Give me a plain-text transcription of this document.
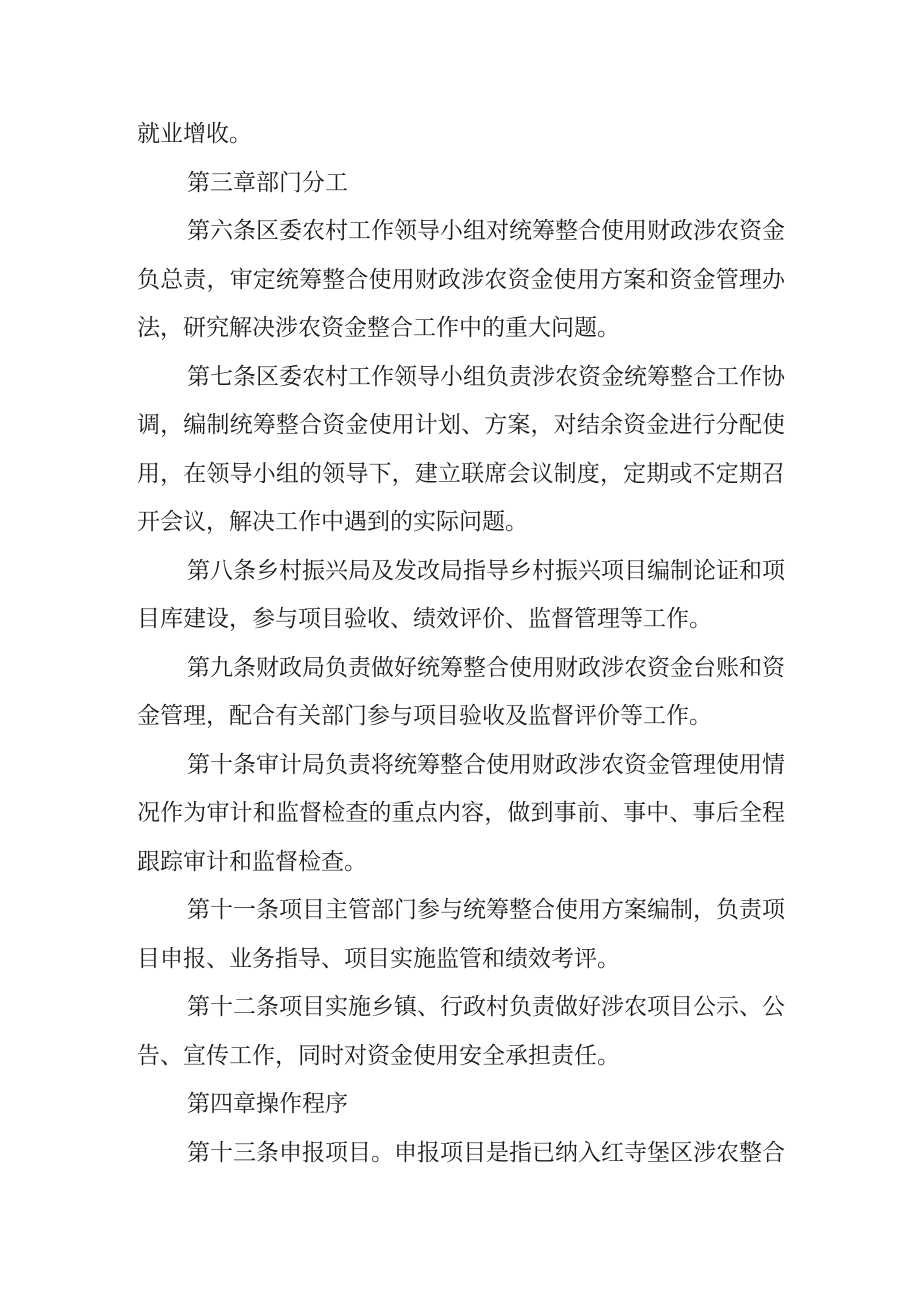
就 业 增 收 。
第 三 章 部 门 分 工
第 六 条 区 委 农 村 工 作 领 导 小 组 对 统 筹 整 合 使 用 财 政 涉 农 资 金
负 总 责 ， 审 定 统 筹 整 合 使 用 财 政 涉 农 资 金 使 用 方 案 和 资 金 管 理 办
法 ， 研 究 解 决 涉 农 资 金 整 合 工 作 中 的 重 大 问 题 。
第 七 条 区 委 农 村 工 作 领 导 小 组 负 责 涉 农 资 金 统 筹 整 合 工 作 协
调 ， 编 制 统 筹 整 合 资 金 使 用 计 划 、 方 案 ， 对 结 余 资 金 进 行 分 配 使
用 ， 在 领 导 小 组 的 领 导 下 ， 建 立 联 席 会 议 制 度 ， 定 期 或 不 定 期 召
开 会 议 ， 解 决 工 作 中 遇 到 的 实 际 问 题 。
第 八 条 乡 村 振 兴 局 及 发 改 局 指 导 乡 村 振 兴 项 目 编 制 论 证 和 项
目 库 建 设 ， 参 与 项 目 验 收 、 绩 效 评 价 、 监 督 管 理 等 工 作 。
第 九 条 财 政 局 负 责 做 好 统 筹 整 合 使 用 财 政 涉 农 资 金 台 账 和 资
金 管 理 ， 配 合 有 关 部 门 参 与 项 目 验 收 及 监 督 评 价 等 工 作 。
第 十 条 审 计 局 负 责 将 统 筹 整 合 使 用 财 政 涉 农 资 金 管 理 使 用 情
况 作 为 审 计 和 监 督 检 查 的 重 点 内 容 ， 做 到 事 前 、 事 中 、 事 后 全 程
跟 踪 审 计 和 监 督 检 查 。
第 十 一 条 项 目 主 管 部 门 参 与 统 筹 整 合 使 用 方 案 编 制 ， 负 责 项
目 申 报 、 业 务 指 导 、 项 目 实 施 监 管 和 绩 效 考 评 。
第 十 二 条 项 目 实 施 乡 镇 、 行 政 村 负 责 做 好 涉 农 项 目 公 示 、 公
告 、 宣 传 工 作 ， 同 时 对 资 金 使 用 安 全 承 担 责 任 。
第 四 章 操 作 程 序
第 十 三 条 申 报 项 目 。 申 报 项 目 是 指 已 纳 入 红 寺 堡 区 涉 农 整 合
